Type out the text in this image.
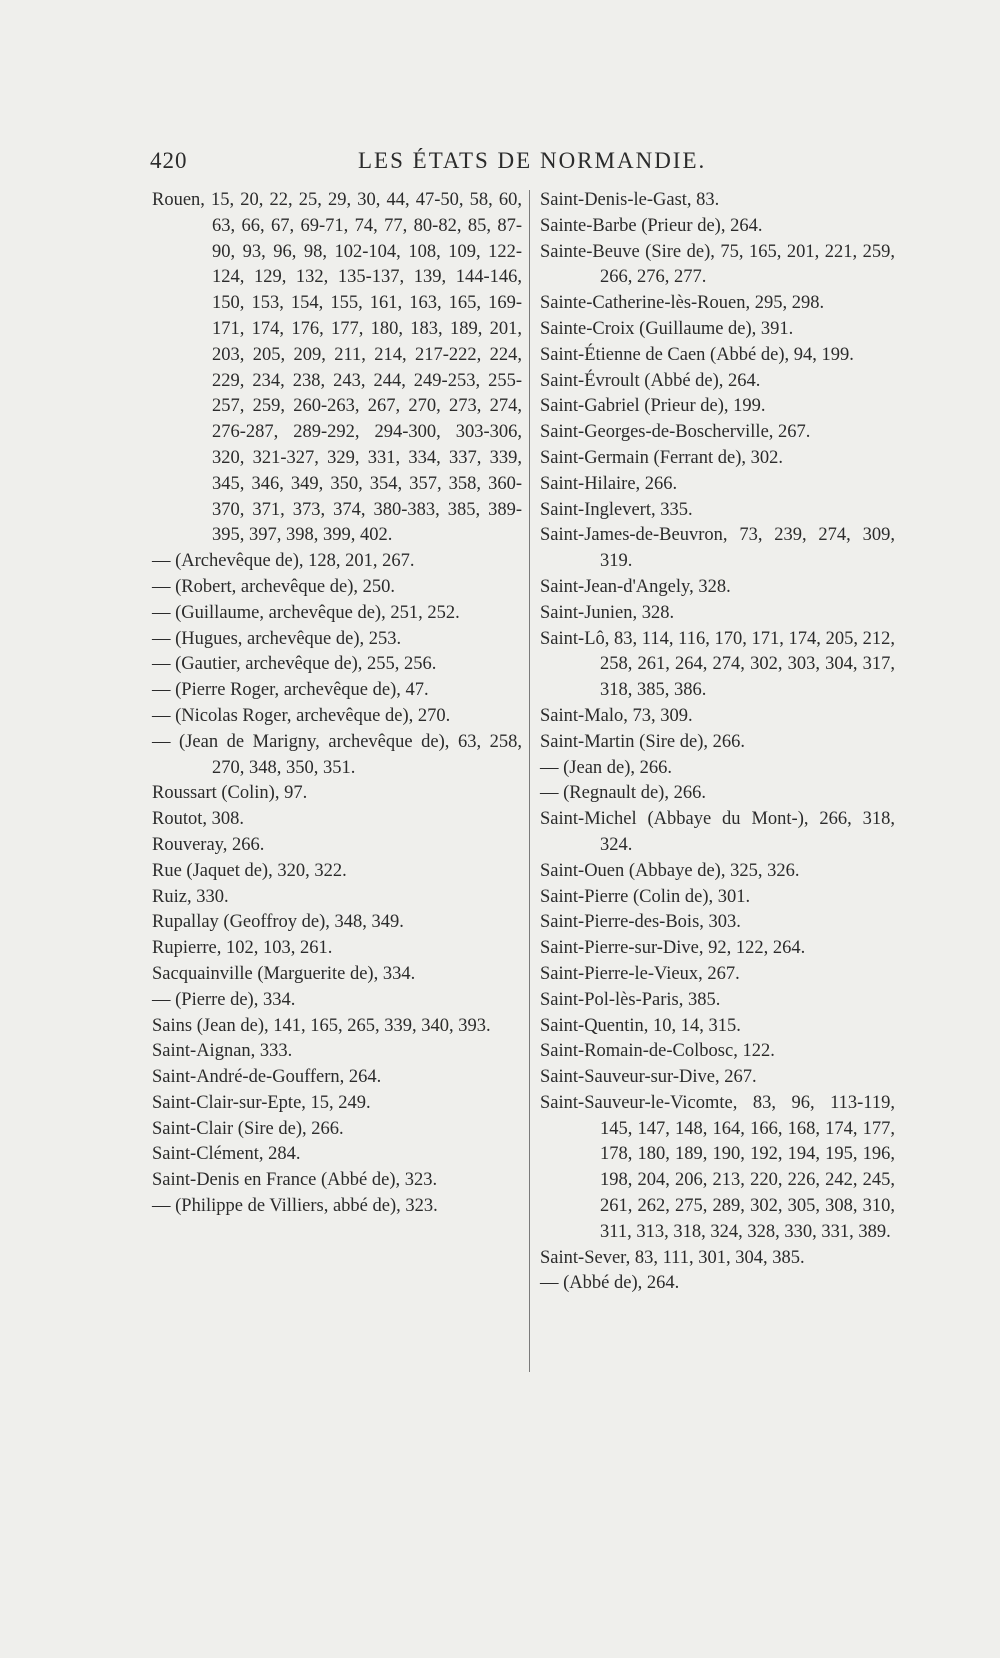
420	LES ÉTATS DE NORMANDIE.
Rouen, 15, 20, 22, 25, 29, 30, 44, 47-50, 58, 60, 63, 66, 67, 69-71, 74, 77, 80-82, 85, 87-90, 93, 96, 98, 102-104, 108, 109, 122-124, 129, 132, 135-137, 139, 144-146, 150, 153, 154, 155, 161, 163, 165, 169-171, 174, 176, 177, 180, 183, 189, 201, 203, 205, 209, 211, 214, 217-222, 224, 229, 234, 238, 243, 244, 249-253, 255-257, 259, 260-263, 267, 270, 273, 274, 276-287, 289-292, 294-300, 303-306, 320, 321-327, 329, 331, 334, 337, 339, 345, 346, 349, 350, 354, 357, 358, 360-370, 371, 373, 374, 380-383, 385, 389-395, 397, 398, 399, 402.
— (Archevêque de), 128, 201, 267.
— (Robert, archevêque de), 250.
— (Guillaume, archevêque de), 251, 252.
— (Hugues, archevêque de), 253.
— (Gautier, archevêque de), 255, 256.
— (Pierre Roger, archevêque de), 47.
— (Nicolas Roger, archevêque de), 270.
— (Jean de Marigny, archevêque de), 63, 258, 270, 348, 350, 351.
Roussart (Colin), 97.
Routot, 308.
Rouveray, 266.
Rue (Jaquet de), 320, 322.
Ruiz, 330.
Rupallay (Geoffroy de), 348, 349.
Rupierre, 102, 103, 261.
Sacquainville (Marguerite de), 334.
— (Pierre de), 334.
Sains (Jean de), 141, 165, 265, 339, 340, 393.
Saint-Aignan, 333.
Saint-André-de-Gouffern, 264.
Saint-Clair-sur-Epte, 15, 249.
Saint-Clair (Sire de), 266.
Saint-Clément, 284.
Saint-Denis en France (Abbé de), 323.
— (Philippe de Villiers, abbé de), 323.
Saint-Denis-le-Gast, 83.
Sainte-Barbe (Prieur de), 264.
Sainte-Beuve (Sire de), 75, 165, 201, 221, 259, 266, 276, 277.
Sainte-Catherine-lès-Rouen, 295, 298.
Sainte-Croix (Guillaume de), 391.
Saint-Étienne de Caen (Abbé de), 94, 199.
Saint-Évroult (Abbé de), 264.
Saint-Gabriel (Prieur de), 199.
Saint-Georges-de-Boscherville, 267.
Saint-Germain (Ferrant de), 302.
Saint-Hilaire, 266.
Saint-Inglevert, 335.
Saint-James-de-Beuvron, 73, 239, 274, 309, 319.
Saint-Jean-d'Angely, 328.
Saint-Junien, 328.
Saint-Lô, 83, 114, 116, 170, 171, 174, 205, 212, 258, 261, 264, 274, 302, 303, 304, 317, 318, 385, 386.
Saint-Malo, 73, 309.
Saint-Martin (Sire de), 266.
— (Jean de), 266.
— (Regnault de), 266.
Saint-Michel (Abbaye du Mont-), 266, 318, 324.
Saint-Ouen (Abbaye de), 325, 326.
Saint-Pierre (Colin de), 301.
Saint-Pierre-des-Bois, 303.
Saint-Pierre-sur-Dive, 92, 122, 264.
Saint-Pierre-le-Vieux, 267.
Saint-Pol-lès-Paris, 385.
Saint-Quentin, 10, 14, 315.
Saint-Romain-de-Colbosc, 122.
Saint-Sauveur-sur-Dive, 267.
Saint-Sauveur-le-Vicomte, 83, 96, 113-119, 145, 147, 148, 164, 166, 168, 174, 177, 178, 180, 189, 190, 192, 194, 195, 196, 198, 204, 206, 213, 220, 226, 242, 245, 261, 262, 275, 289, 302, 305, 308, 310, 311, 313, 318, 324, 328, 330, 331, 389.
Saint-Sever, 83, 111, 301, 304, 385.
— (Abbé de), 264.
